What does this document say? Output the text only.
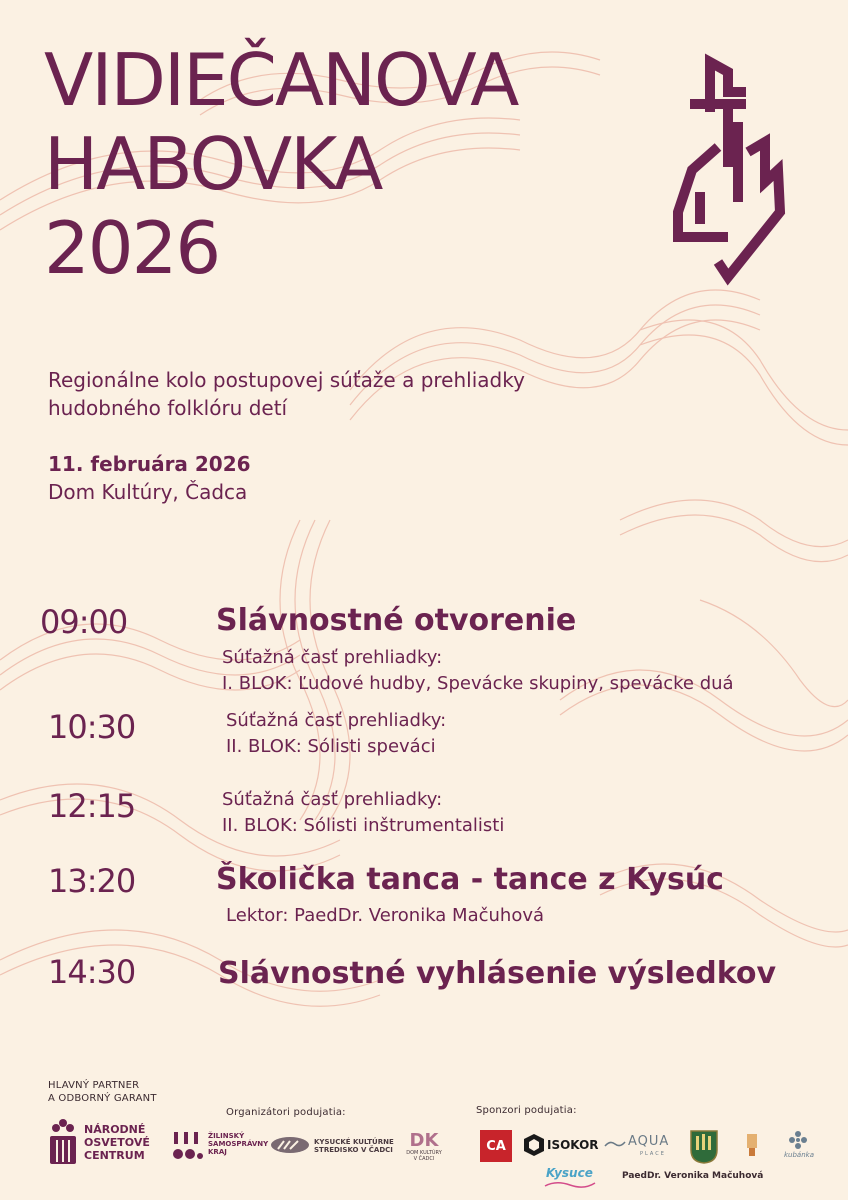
VIDIEČANOVA
HABOVKA
2026
Regionálne kolo postupovej súťaže a prehliadky
hudobného folklóru detí
11. februára 2026
Dom Kultúry, Čadca
09:00	Slávnostné otvorenie
Súťažná časť prehliadky:
I. BLOK: Ľudové hudby, Spevácke skupiny, spevácke duá
10:30	Súťažná časť prehliadky:
II. BLOK: Sólisti speváci
12:15	Súťažná časť prehliadky:
II. BLOK: Sólisti inštrumentalisti
13:20	Školička tanca - tance z Kysúc
Lektor: PaedDr. Veronika Mačuhová
14:30	Slávnostné vyhlásenie výsledkov
HLAVNÝ PARTNER
A ODBORNÝ GARANT
Organizátori podujatia:	Sponzori podujatia:
NÁRODNÉ
OSVETOVÉ
CENTRUM
ŽILINSKÝ
SAMOSPRÁVNY
KRAJ
KYSUCKÉ KULTÚRNE
STREDISKO V ČADCI DK
DOM KULTÚRY
V ČADCI
CA	ISOKOR AQUA
PLACE	kubánka
Kysuce	PaedDr. Veronika Mačuhová
